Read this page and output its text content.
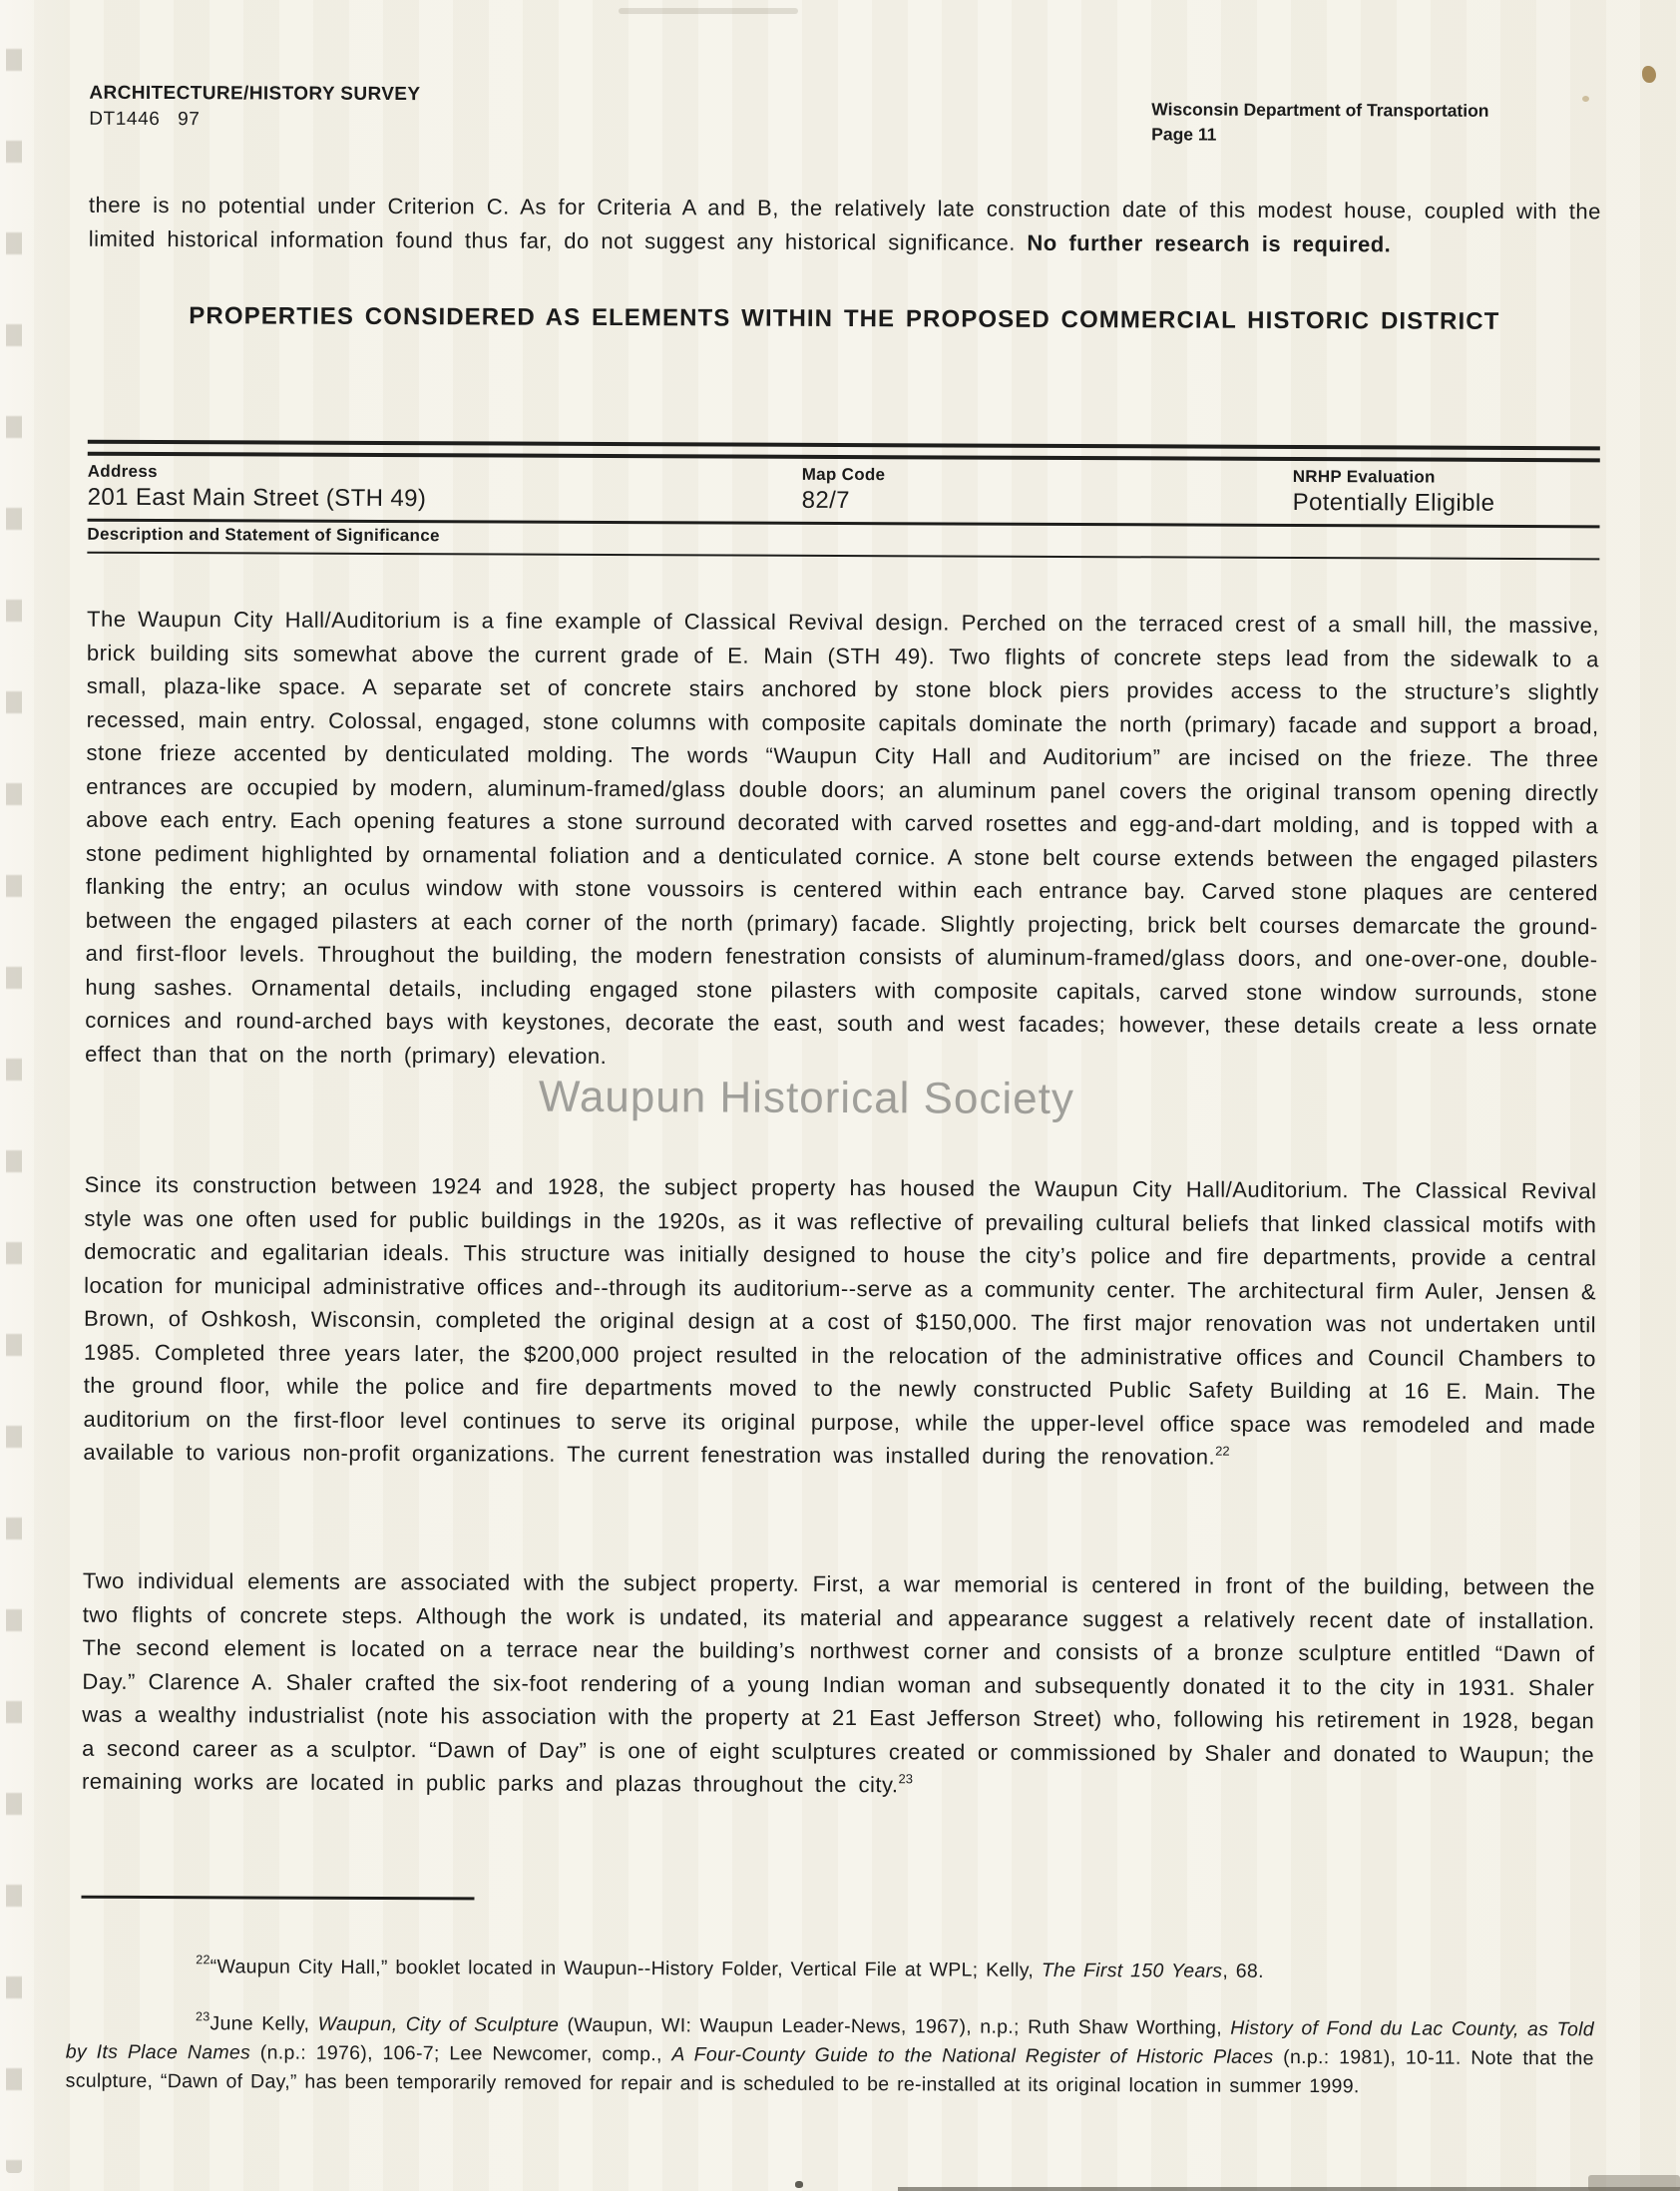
ARCHITECTURE/HISTORY SURVEY
DT1446   97	Wisconsin Department of Transportation
Page 11

there is no potential under Criterion C. As for Criteria A and B, the relatively late construction date of this modest house, coupled with the limited historical information found thus far, do not suggest any historical significance. No further research is required.

PROPERTIES CONSIDERED AS ELEMENTS WITHIN THE PROPOSED COMMERCIAL HISTORIC DISTRICT
Address	Map Code	NRHP Evaluation
201 East Main Street (STH 49)	82/7	Potentially Eligible
Description and Statement of Significance

The Waupun City Hall/Auditorium is a fine example of Classical Revival design. Perched on the terraced crest of a small hill, the massive, brick building sits somewhat above the current grade of E. Main (STH 49). Two flights of concrete steps lead from the sidewalk to a small, plaza-like space. A separate set of concrete stairs anchored by stone block piers provides access to the structure’s slightly recessed, main entry. Colossal, engaged, stone columns with composite capitals dominate the north (primary) facade and support a broad, stone frieze accented by denticulated molding. The words “Waupun City Hall and Auditorium” are incised on the frieze. The three entrances are occupied by modern, aluminum-framed/glass double doors; an aluminum panel covers the original transom opening directly above each entry. Each opening features a stone surround decorated with carved rosettes and egg-and-dart molding, and is topped with a stone pediment highlighted by ornamental foliation and a denticulated cornice. A stone belt course extends between the engaged pilasters flanking the entry; an oculus window with stone voussoirs is centered within each entrance bay. Carved stone plaques are centered between the engaged pilasters at each corner of the north (primary) facade. Slightly projecting, brick belt courses demarcate the ground- and first-floor levels. Throughout the building, the modern fenestration consists of aluminum-framed/glass doors, and one-over-one, double-hung sashes. Ornamental details, including engaged stone pilasters with composite capitals, carved stone window surrounds, stone cornices and round-arched bays with keystones, decorate the east, south and west facades; however, these details create a less ornate effect than that on the north (primary) elevation.

Since its construction between 1924 and 1928, the subject property has housed the Waupun City Hall/Auditorium. The Classical Revival style was one often used for public buildings in the 1920s, as it was reflective of prevailing cultural beliefs that linked classical motifs with democratic and egalitarian ideals. This structure was initially designed to house the city’s police and fire departments, provide a central location for municipal administrative offices and--through its auditorium--serve as a community center. The architectural firm Auler, Jensen & Brown, of Oshkosh, Wisconsin, completed the original design at a cost of $150,000. The first major renovation was not undertaken until 1985. Completed three years later, the $200,000 project resulted in the relocation of the administrative offices and Council Chambers to the ground floor, while the police and fire departments moved to the newly constructed Public Safety Building at 16 E. Main. The auditorium on the first-floor level continues to serve its original purpose, while the upper-level office space was remodeled and made available to various non-profit organizations. The current fenestration was installed during the renovation.$^{22}$

Two individual elements are associated with the subject property. First, a war memorial is centered in front of the building, between the two flights of concrete steps. Although the work is undated, its material and appearance suggest a relatively recent date of installation. The second element is located on a terrace near the building’s northwest corner and consists of a bronze sculpture entitled “Dawn of Day.” Clarence A. Shaler crafted the six-foot rendering of a young Indian woman and subsequently donated it to the city in 1931. Shaler was a wealthy industrialist (note his association with the property at 21 East Jefferson Street) who, following his retirement in 1928, began a second career as a sculptor. “Dawn of Day” is one of eight sculptures created or commissioned by Shaler and donated to Waupun; the remaining works are located in public parks and plazas throughout the city.$^{23}$

Waupun Historical Society

$^{22}$“Waupun City Hall,” booklet located in Waupun--History Folder, Vertical File at WPL; Kelly, The First 150 Years, 68.

$^{23}$June Kelly, Waupun, City of Sculpture (Waupun, WI: Waupun Leader-News, 1967), n.p.; Ruth Shaw Worthing, History of Fond du Lac County, as Told by Its Place Names (n.p.: 1976), 106-7; Lee Newcomer, comp., A Four-County Guide to the National Register of Historic Places (n.p.: 1981), 10-11. Note that the sculpture, “Dawn of Day,” has been temporarily removed for repair and is scheduled to be re-installed at its original location in summer 1999.
